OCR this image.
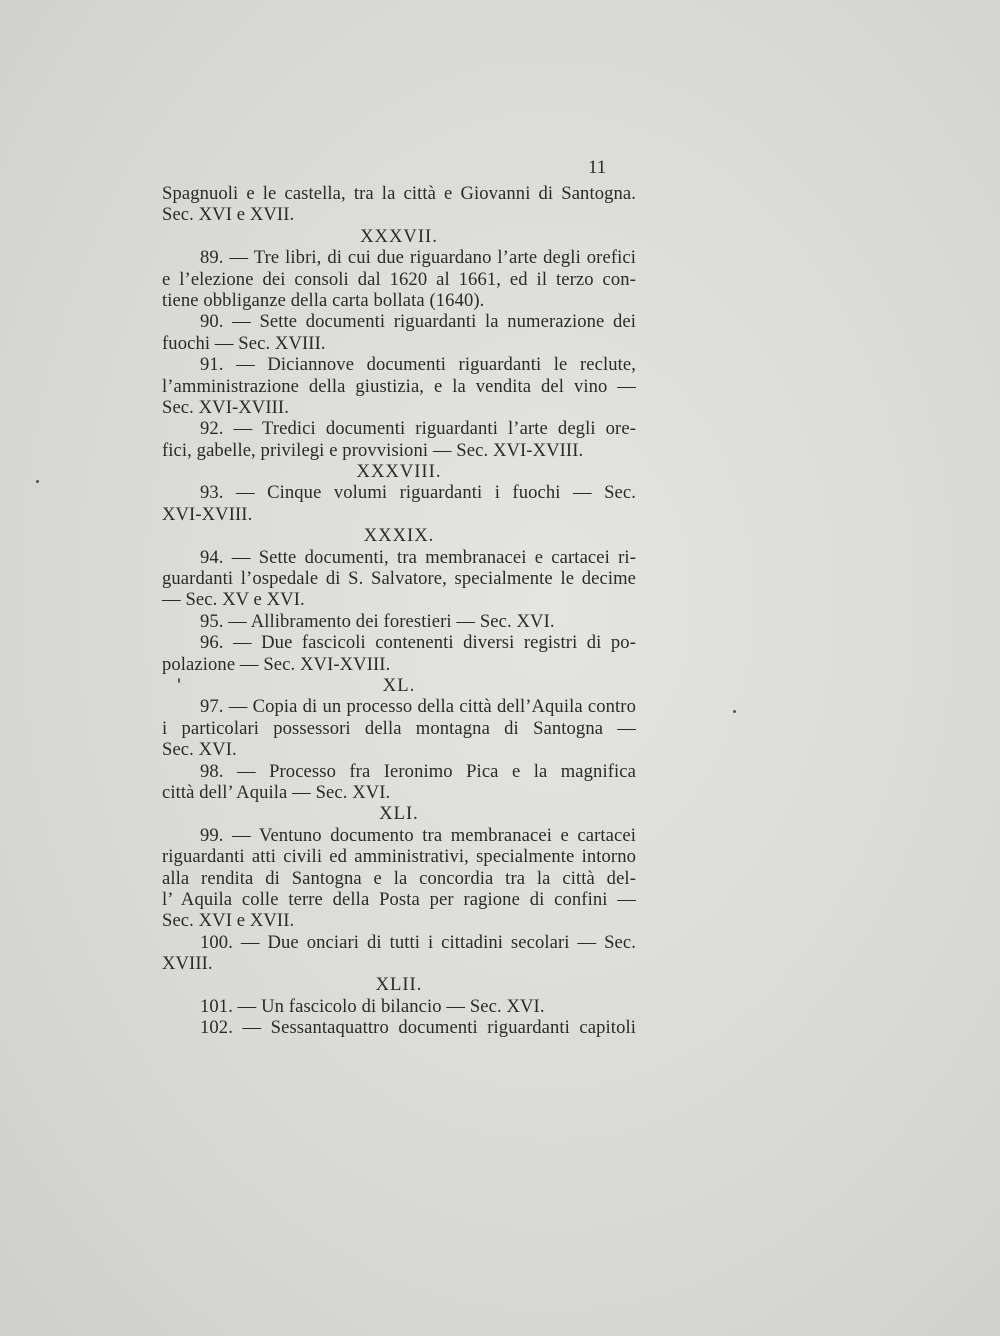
11
Spagnuoli e le castella, tra la città e Giovanni di Santogna.
Sec. XVI e XVII.
XXXVII.
89. — Tre libri, di cui due riguardano l’arte degli orefici
e l’elezione dei consoli dal 1620 al 1661, ed il terzo con-
tiene obbliganze della carta bollata (1640).
90. — Sette documenti riguardanti la numerazione dei
fuochi — Sec. XVIII.
91. — Diciannove documenti riguardanti le reclute,
l’amministrazione della giustizia, e la vendita del vino —
Sec. XVI-XVIII.
92. — Tredici documenti riguardanti l’arte degli ore-
fici, gabelle, privilegi e provvisioni — Sec. XVI-XVIII.
XXXVIII.
93. — Cinque volumi riguardanti i fuochi — Sec.
XVI-XVIII.
XXXIX.
94. — Sette documenti, tra membranacei e cartacei ri-
guardanti l’ospedale di S. Salvatore, specialmente le decime
— Sec. XV e XVI.
95. — Allibramento dei forestieri — Sec. XVI.
96. — Due fascicoli contenenti diversi registri di po-
polazione — Sec. XVI-XVIII.
XL.
97. — Copia di un processo della città dell’Aquila contro
i particolari possessori della montagna di Santogna —
Sec. XVI.
98. — Processo fra Ieronimo Pica e la magnifica
città dell’ Aquila — Sec. XVI.
XLI.
99. — Ventuno documento tra membranacei e cartacei
riguardanti atti civili ed amministrativi, specialmente intorno
alla rendita di Santogna e la concordia tra la città del-
l’ Aquila colle terre della Posta per ragione di confini —
Sec. XVI e XVII.
100. — Due onciari di tutti i cittadini secolari — Sec.
XVIII.
XLII.
101. — Un fascicolo di bilancio — Sec. XVI.
102. — Sessantaquattro documenti riguardanti capitoli
